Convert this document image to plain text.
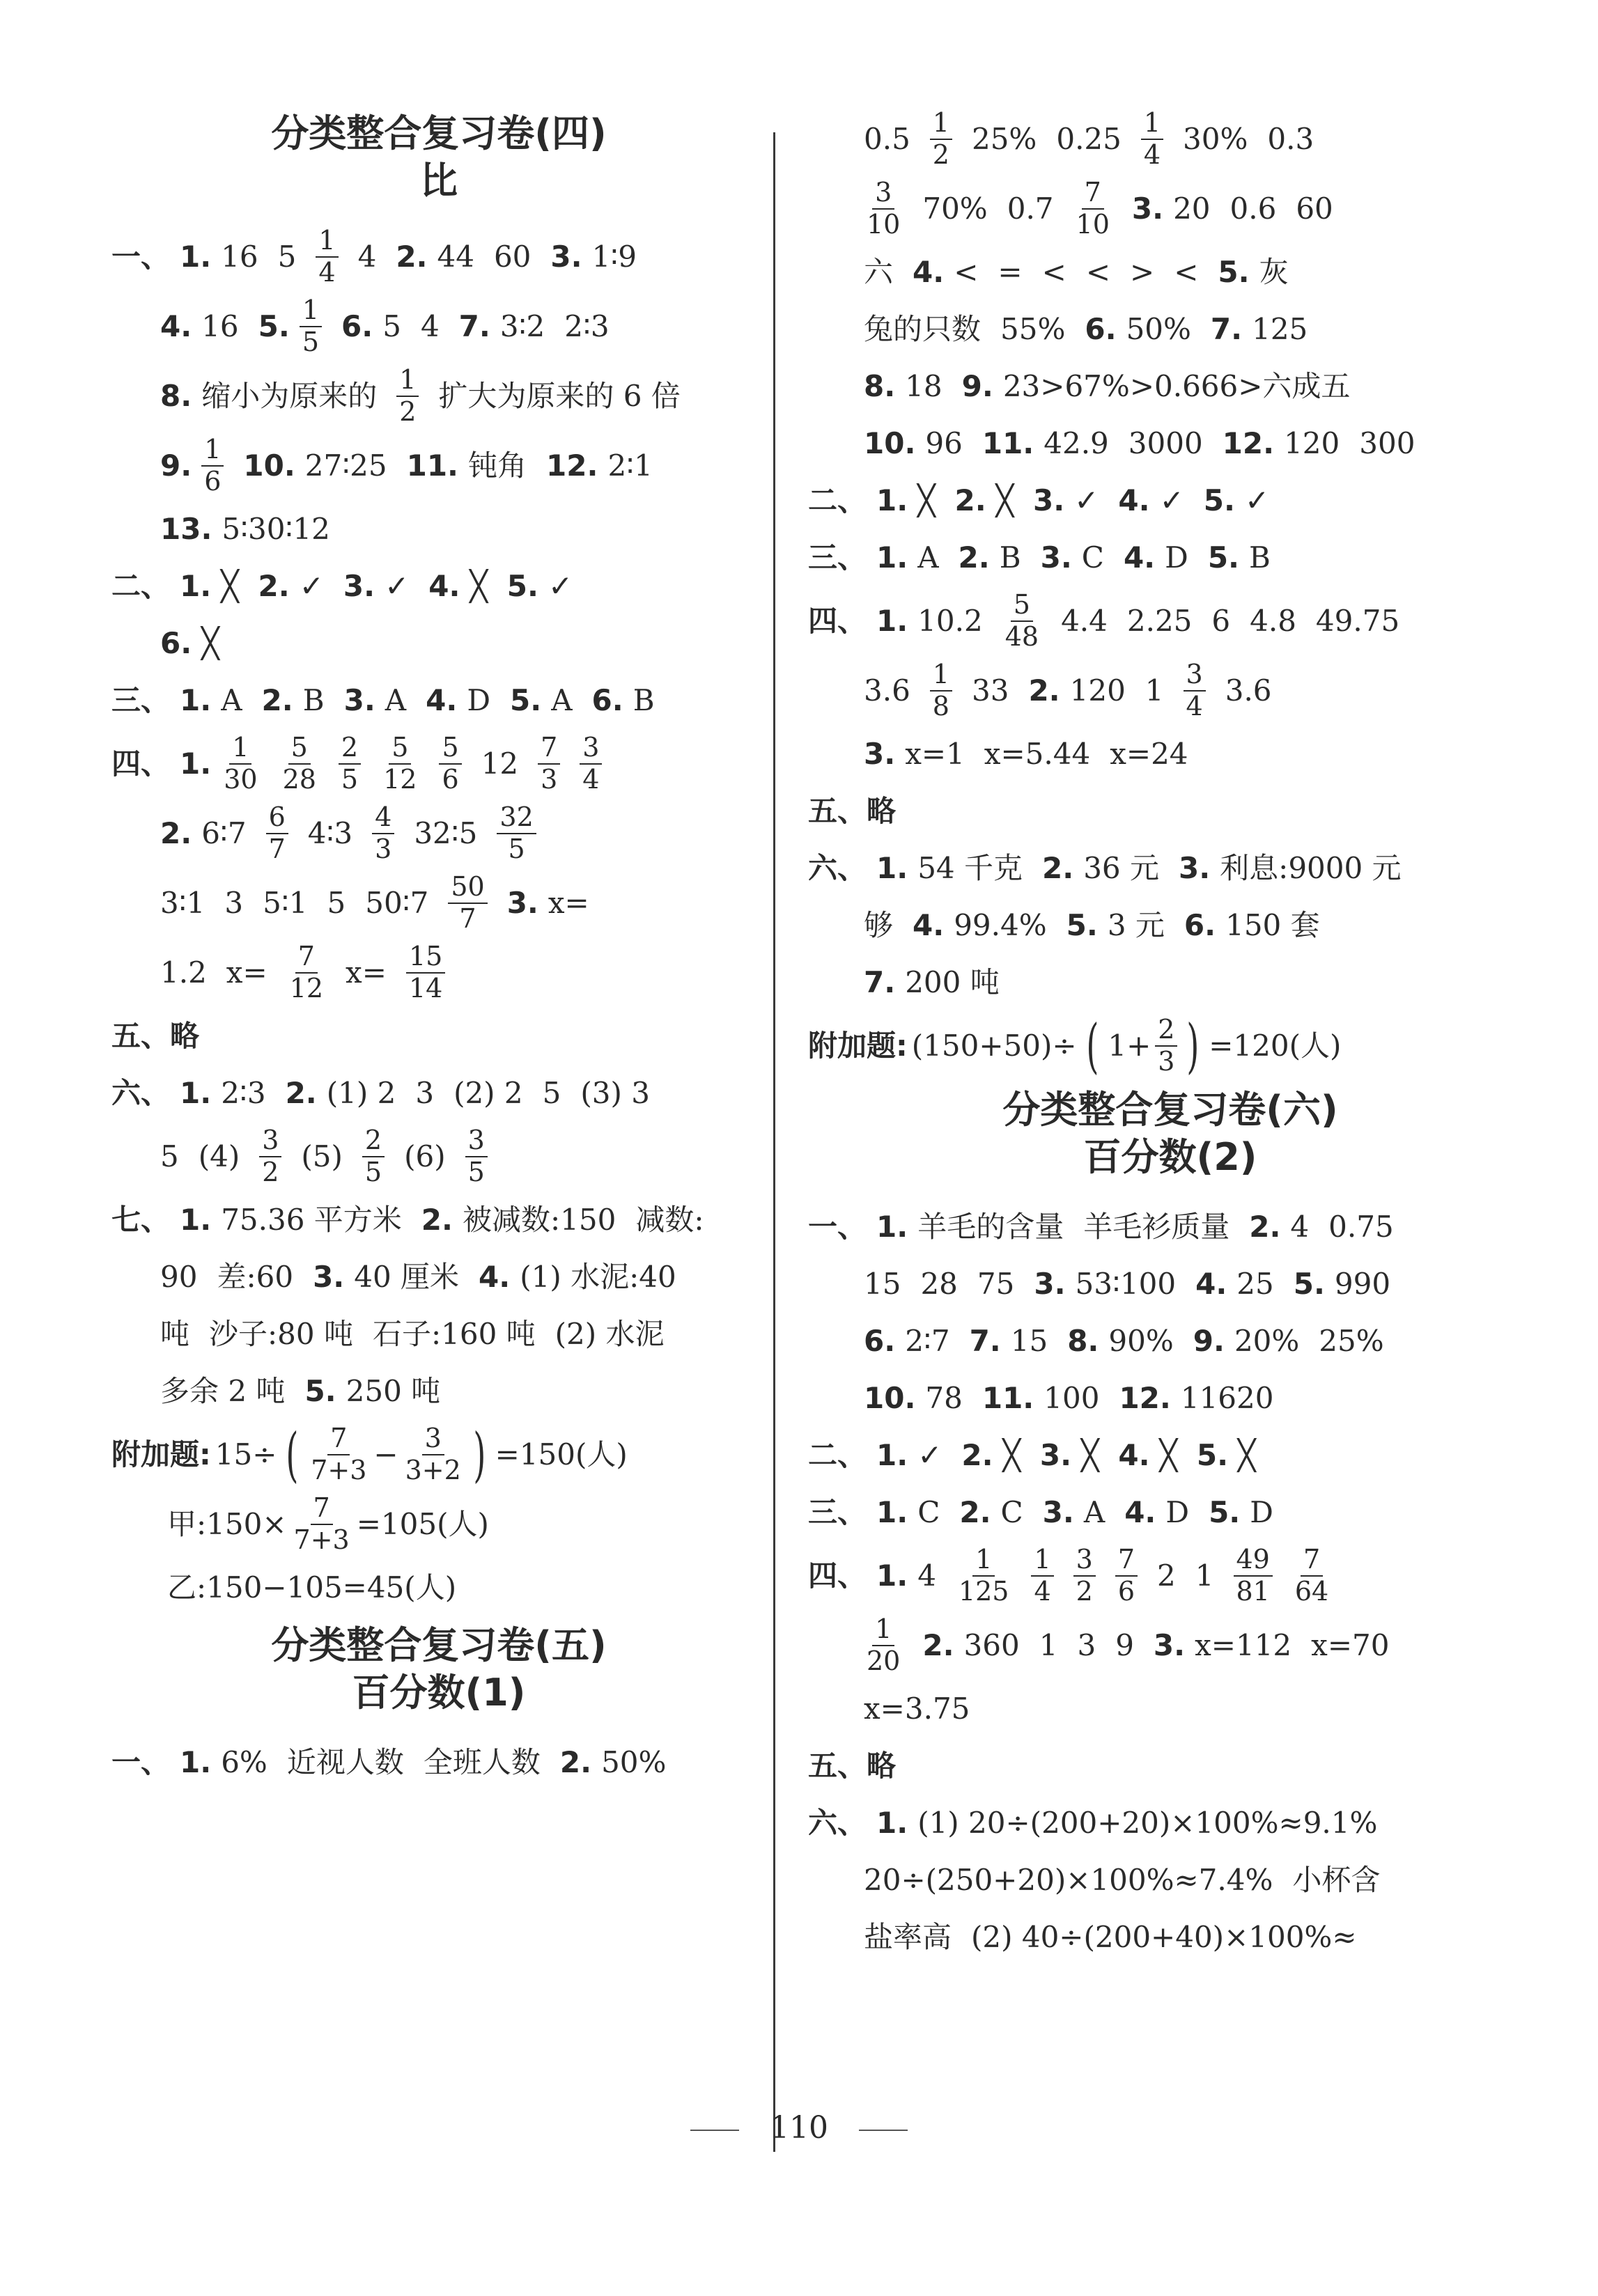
分类整合复习卷(四)
比
一、 1. 16 $5 \frac{1}{4} 4$ 2. 44 60 3. 1∶9
4. 16 5. $\frac{1}{5} 6$. 5 4 7. 3∶2 2∶3
8. 缩小为原来的 $\frac{1}{2}$ 扩大为原来的 6 倍
9. $\frac{1}{6} 10$. 27∶25 11. 钝角 12. 2∶1
13. 5∶30∶12
二、 1. ╳ 2. ✓ 3. ✓ 4. ╳ 5. ✓
6. ╳
三、 1. A 2. B 3. A 4. D 5. A 6. B
四、 1. $\frac{1}{30} \frac{5}{28} \frac{2}{5} \frac{5}{12} \frac{5}{6} 12 \frac{7}{3} \frac{3}{4}$
2. 6∶7 $\frac{6}{7}$ 4∶3 $\frac{4}{3}$ 32∶5 $\frac{32}{5}$
3∶1 3 5∶1 5 50∶7 $\frac{50}{7} 3$. x=
1.2 $x= \frac{7}{12} x= \frac{15}{14}$
五、略
六、 1. 2∶3 2. (1) 2 3 (2) 2 5 (3) 3
5 $(4) \frac{3}{2} (5) \frac{2}{5} (6) \frac{3}{5}$
七、 1. 75.36 平方米 2. 被减数:150 减数:
90 差:60 3. 40 厘米 4. (1) 水泥:40
吨 沙子:80 吨 石子:160 吨 (2) 水泥
多余 2 吨 5. 250 吨
附加题: 15÷ ( $\frac{7}{7+3} - \frac{3}{3+2}$ ) =150(人)
甲:150× $\frac{7}{7+3} =105$(人)
乙:150−105=45(人)
分类整合复习卷(五)
百分数(1)
一、 1. 6% 近视人数 全班人数 2. 50%
$0.5 \frac{1}{2} 25\%$ $0.25 \frac{1}{4} 30\%$ 0.3
$\frac{3}{10} 70\%$ $0.7 \frac{7}{10} 3$. 20 0.6 60
六 4. < = < < > < 5. 灰
兔的只数 55% 6. 50% 7. 125
8. 18 9. 23>67%>0.666>六成五
10. 96 11. 42.9 3000 12. 120 300
二、 1. ╳ 2. ╳ 3. ✓ 4. ✓ 5. ✓
三、 1. A 2. B 3. C 4. D 5. B
四、 1. $10.2 \frac{5}{48} 4.4$ 2.25 6 4.8 49.75
$3.6 \frac{1}{8} 33$ 2. 120 $1 \frac{3}{4} 3.6$
3. x=1 x=5.44 x=24
五、略
六、 1. 54 千克 2. 36 元 3. 利息:9000 元
够 4. 99.4% 5. 3 元 6. 150 套
7. 200 吨
附加题: (150+50)÷ ( $1+ \frac{2}{3}$ ) =120(人)
分类整合复习卷(六)
百分数(2)
一、 1. 羊毛的含量 羊毛衫质量 2. 4 0.75
15 28 75 3. 53∶100 4. 25 5. 990
6. 2∶7 7. 15 8. 90% 9. 20% 25%
10. 78 11. 100 12. 11620
二、 1. ✓ 2. ╳ 3. ╳ 4. ╳ 5. ╳
三、 1. C 2. C 3. A 4. D 5. D
四、 1. $4 \frac{1}{125} \frac{1}{4} \frac{3}{2} \frac{7}{6} 2$ $1 \frac{49}{81} \frac{7}{64}$
$\frac{1}{20} 2$. 360 1 3 9 3. x=112 x=70
x=3.75
五、略
六、 1. (1) 20÷(200+20)×100%≈9.1%
20÷(250+20)×100%≈7.4% 小杯含
盐率高 (2) 40÷(200+40)×100%≈
110
